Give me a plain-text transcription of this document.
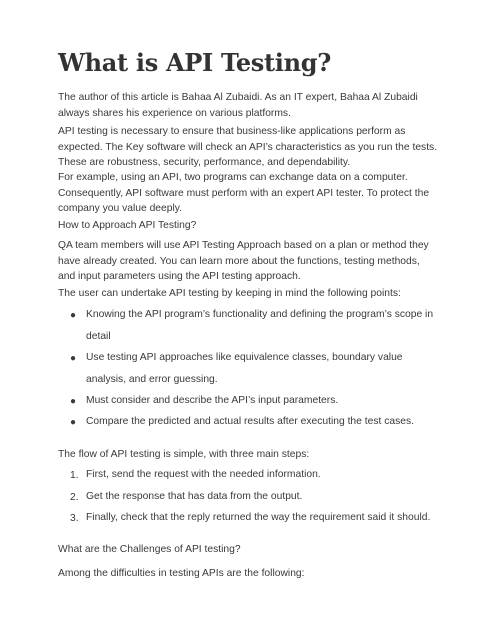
What is API Testing?

The author of this article is Bahaa Al Zubaidi. As an IT expert, Bahaa Al Zubaidi always shares his experience on various platforms.

API testing is necessary to ensure that business-like applications perform as expected. The Key software will check an API’s characteristics as you run the tests. These are robustness, security, performance, and dependability.

For example, using an API, two programs can exchange data on a computer. Consequently, API software must perform with an expert API tester. To protect the company you value deeply.

How to Approach API Testing?

QA team members will use API Testing Approach based on a plan or method they have already created. You can learn more about the functions, testing methods, and input parameters using the API testing approach.

The user can undertake API testing by keeping in mind the following points:

● Knowing the API program’s functionality and defining the program’s scope in detail
● Use testing API approaches like equivalence classes, boundary value analysis, and error guessing.
● Must consider and describe the API’s input parameters.
● Compare the predicted and actual results after executing the test cases.

The flow of API testing is simple, with three main steps:

1. First, send the request with the needed information.
2. Get the response that has data from the output.
3. Finally, check that the reply returned the way the requirement said it should.

What are the Challenges of API testing?

Among the difficulties in testing APIs are the following:
